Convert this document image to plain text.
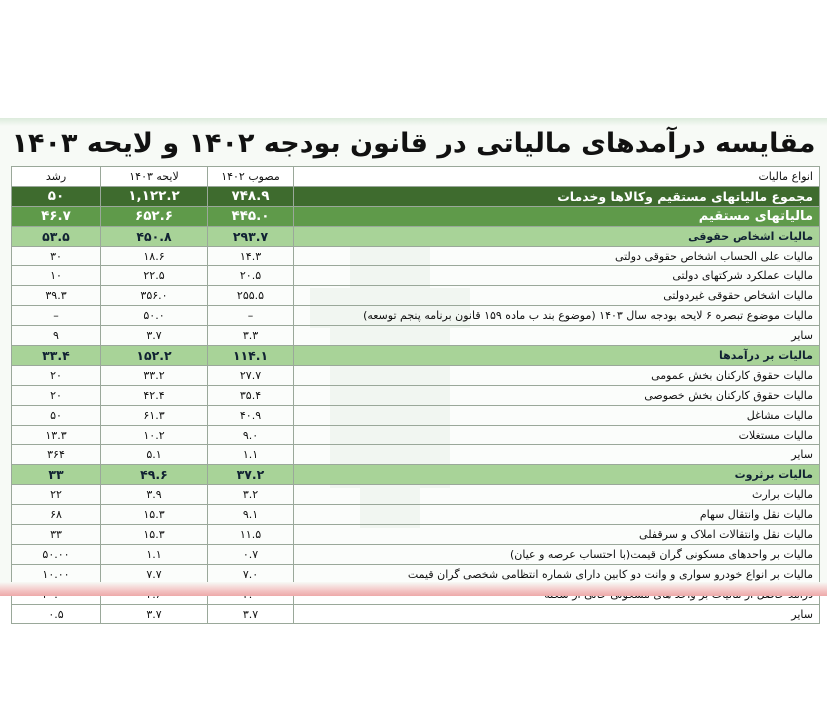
مقایسه درآمدهای مالیاتی در قانون بودجه ۱۴۰۲ و لایحه ۱۴۰۳
انواع مالیات	مصوب ۱۴۰۲	لایحه ۱۴۰۳	رشد
مجموع مالیاتهای مستقیم وکالاها وخدمات	۷۴۸.۹	۱,۱۲۲.۲	۵۰
مالیاتهای مستقیم	۴۴۵.۰	۶۵۲.۶	۴۶.۷
مالیات اشخاص حقوقی	۲۹۳.۷	۴۵۰.۸	۵۳.۵
مالیات علی الحساب اشخاص حقوقی دولتی	۱۴.۳	۱۸.۶	۳۰
مالیات عملکرد شرکتهای دولتی	۲۰.۵	۲۲.۵	۱۰
مالیات اشخاص حقوقی غیردولتی	۲۵۵.۵	۳۵۶.۰	۳۹.۳
مالیات موضوع تبصره ۶ لایحه بودجه سال ۱۴۰۳ (موضوع بند ب ماده ۱۵۹ قانون برنامه پنجم توسعه)	–	۵۰.۰	–
سایر	۳.۳	۳.۷	۹
مالیات بر درآمدها	۱۱۴.۱	۱۵۲.۲	۳۳.۴
مالیات حقوق کارکنان بخش عمومی	۲۷.۷	۳۳.۲	۲۰
مالیات حقوق کارکنان بخش خصوصی	۳۵.۴	۴۲.۴	۲۰
مالیات مشاغل	۴۰.۹	۶۱.۳	۵۰
مالیات مستغلات	۹.۰	۱۰.۲	۱۳.۳
سایر	۱.۱	۵.۱	۳۶۴
مالیات برثروت	۳۷.۲	۴۹.۶	۳۳
مالیات برارث	۳.۲	۳.۹	۲۲
مالیات نقل وانتقال سهام	۹.۱	۱۵.۳	۶۸
مالیات نقل وانتقالات املاک و سرقفلی	۱۱.۵	۱۵.۳	۳۳
مالیات بر واحدهای مسکونی گران قیمت(با احتساب عرصه و عیان)	۰.۷	۱.۱	۵۰.۰۰
مالیات بر انواع خودرو سواری و وانت دو کابین دارای شماره انتظامی شخصی گران قیمت	۷.۰	۷.۷	۱۰.۰۰

سایر	۳.۷	۳.۷	۰.۵
